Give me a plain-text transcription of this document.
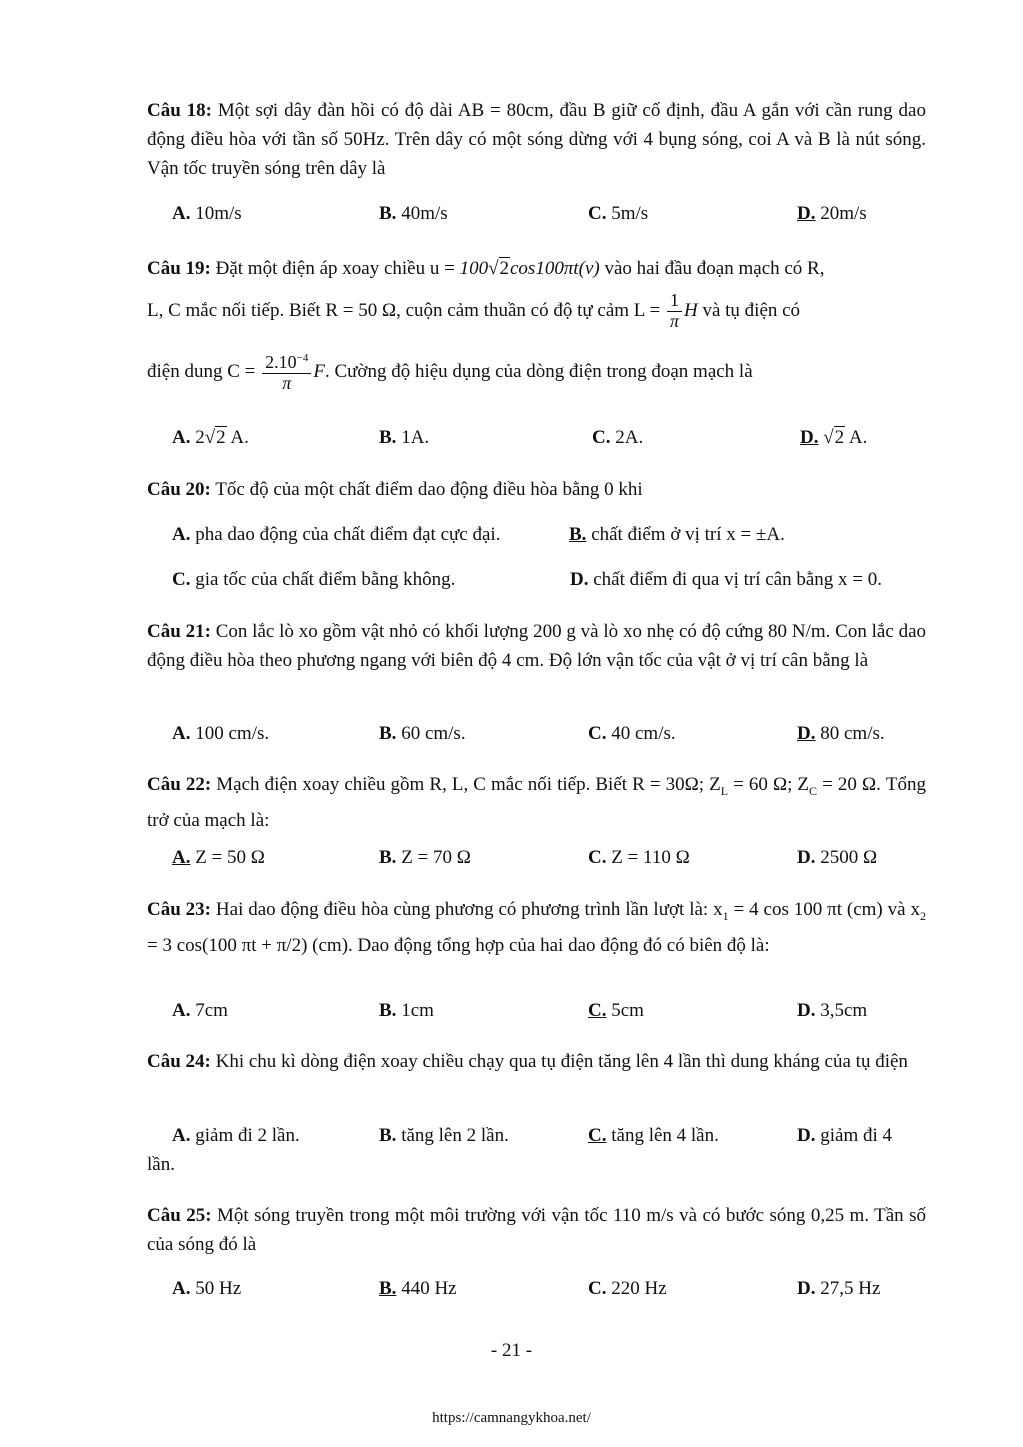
Câu 18: Một sợi dây đàn hồi có độ dài AB = 80cm, đầu B giữ cố định, đầu A gắn với cần rung dao động điều hòa với tần số 50Hz. Trên dây có một sóng dừng với 4 bụng sóng, coi A và B là nút sóng. Vận tốc truyền sóng trên dây là
A. 10m/s	B. 40m/s	C. 5m/s	D. 20m/s
Câu 19: Đặt một điện áp xoay chiều u = 100√2cos100πt(v) vào hai đầu đoạn mạch có R,
L, C mắc nối tiếp. Biết R = 50 Ω, cuộn cảm thuần có độ tự cảm $L = \frac{1}{\pi}$ H và tụ điện có
điện dung $C = \frac{2.10^{-4}}{\pi} F$. Cường độ hiệu dụng của dòng điện trong đoạn mạch là
A. 2√2 A.	B. 1A.	C. 2A.	D. √2 A.
Câu 20: Tốc độ của một chất điểm dao động điều hòa bằng 0 khi
A. pha dao động của chất điểm đạt cực đại.	B. chất điểm ở vị trí x = ±A.
C. gia tốc của chất điểm bằng không.	D. chất điểm đi qua vị trí cân bằng x = 0.
Câu 21: Con lắc lò xo gồm vật nhỏ có khối lượng 200 g và lò xo nhẹ có độ cứng 80 N/m. Con lắc dao động điều hòa theo phương ngang với biên độ 4 cm. Độ lớn vận tốc của vật ở vị trí cân bằng là
A. 100 cm/s.	B. 60 cm/s.	C. 40 cm/s.	D. 80 cm/s.
Câu 22: Mạch điện xoay chiều gồm R, L, C mắc nối tiếp. Biết R = 30Ω; $Z_L = 60$ Ω; $Z_C = 20$ Ω. Tổng trở của mạch là:
A. Z = 50 Ω	B. Z = 70 Ω	C. Z = 110 Ω	D. 2500 Ω
Câu 23: Hai dao động điều hòa cùng phương có phương trình lần lượt là: $x_1 = 4$ cos 100 πt (cm) và $x_2 = 3$ cos(100 πt + π/2) (cm). Dao động tổng hợp của hai dao động đó có biên độ là:
A. 7cm	B. 1cm	C. 5cm	D. 3,5cm
Câu 24: Khi chu kì dòng điện xoay chiều chạy qua tụ điện tăng lên 4 lần thì dung kháng của tụ điện
A. giảm đi 2 lần.	B. tăng lên 2 lần.	C. tăng lên 4 lần.	D. giảm đi 4
lần.
Câu 25: Một sóng truyền trong một môi trường với vận tốc 110 m/s và có bước sóng 0,25 m. Tần số của sóng đó là
A. 50 Hz	B. 440 Hz	C. 220 Hz	D. 27,5 Hz
- 21 -
https://camnangykhoa.net/
